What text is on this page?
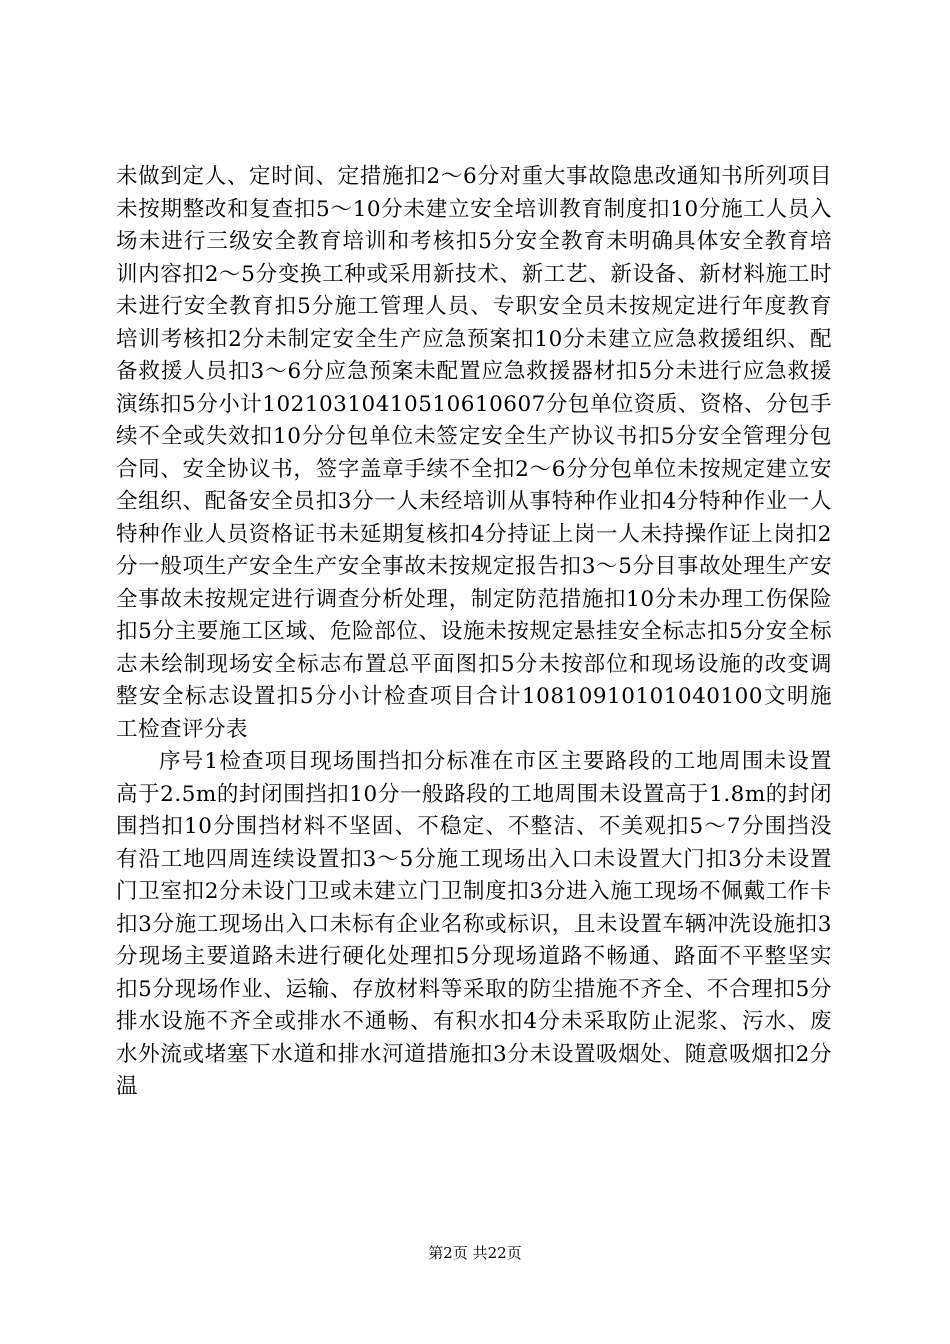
未做到定人、定时间、定措施扣2～6分对重大事故隐患改通知书所列项目未按期整改和复查扣5～10分未建立安全培训教育制度扣10分施工人员入场未进行三级安全教育培训和考核扣5分安全教育未明确具体安全教育培训内容扣2～5分变换工种或采用新技术、新工艺、新设备、新材料施工时未进行安全教育扣5分施工管理人员、专职安全员未按规定进行年度教育培训考核扣2分未制定安全生产应急预案扣10分未建立应急救援组织、配备救援人员扣3～6分应急预案未配置应急救援器材扣5分未进行应急救援演练扣5分小计1021031041051061060​7分包单位资质、资格、分包手续不全或失效扣10分分包单位未签定安全生产协议书扣5分安全管理分包合同、安全协议书，签字盖章手续不全扣2～6分分包单位未按规定建立安全组织、配备安全员扣3分一人未经培训从事特种作业扣4分特种作业一人特种作业人员资格证书未延期复核扣4分持证上岗一人未持操作证上岗扣2分一般项生产安全生产安全事故未按规定报告扣3～5分目事故处理生产安全事故未按规定进行调查分析处理，制定防范措施扣10分未办理工伤保险扣5分主要施工区域、危险部位、设施未按规定悬挂安全标志扣5分安全标志未绘制现场安全标志布置总平面图扣5分未按部位和现场设施的改变调整安全标志设置扣5分小计检查项目合计1081091010104010​0文明施工检查评分表

序号1检查项目现场围挡扣分标准在市区主要路段的工地周围未设置高于2.5m的封闭围挡扣10分一般路段的工地周围未设置高于1.8m的封闭围挡扣10分围挡材料不坚固、不稳定、不整洁、不美观扣5～7分围挡没有沿工地四周连续设置扣3～5分施工现场出入口未设置大门扣3分未设置门卫室扣2分未设门卫或未建立门卫制度扣3分进入施工现场不佩戴工作卡扣3分施工现场出入口未标有企业名称或标识，且未设置车辆冲洗设施扣3分现场主要道路未进行硬化处理扣5分现场道路不畅通、路面不平整坚实扣5分现场作业、运输、存放材料等采取的防尘措施不齐全、不合理扣5分排水设施不齐全或排水不通畅、有积水扣4分未采取防止泥浆、污水、废水外流或堵塞下水道和排水河道措施扣3分未设置吸烟处、随意吸烟扣2分温

第2页 共22页
